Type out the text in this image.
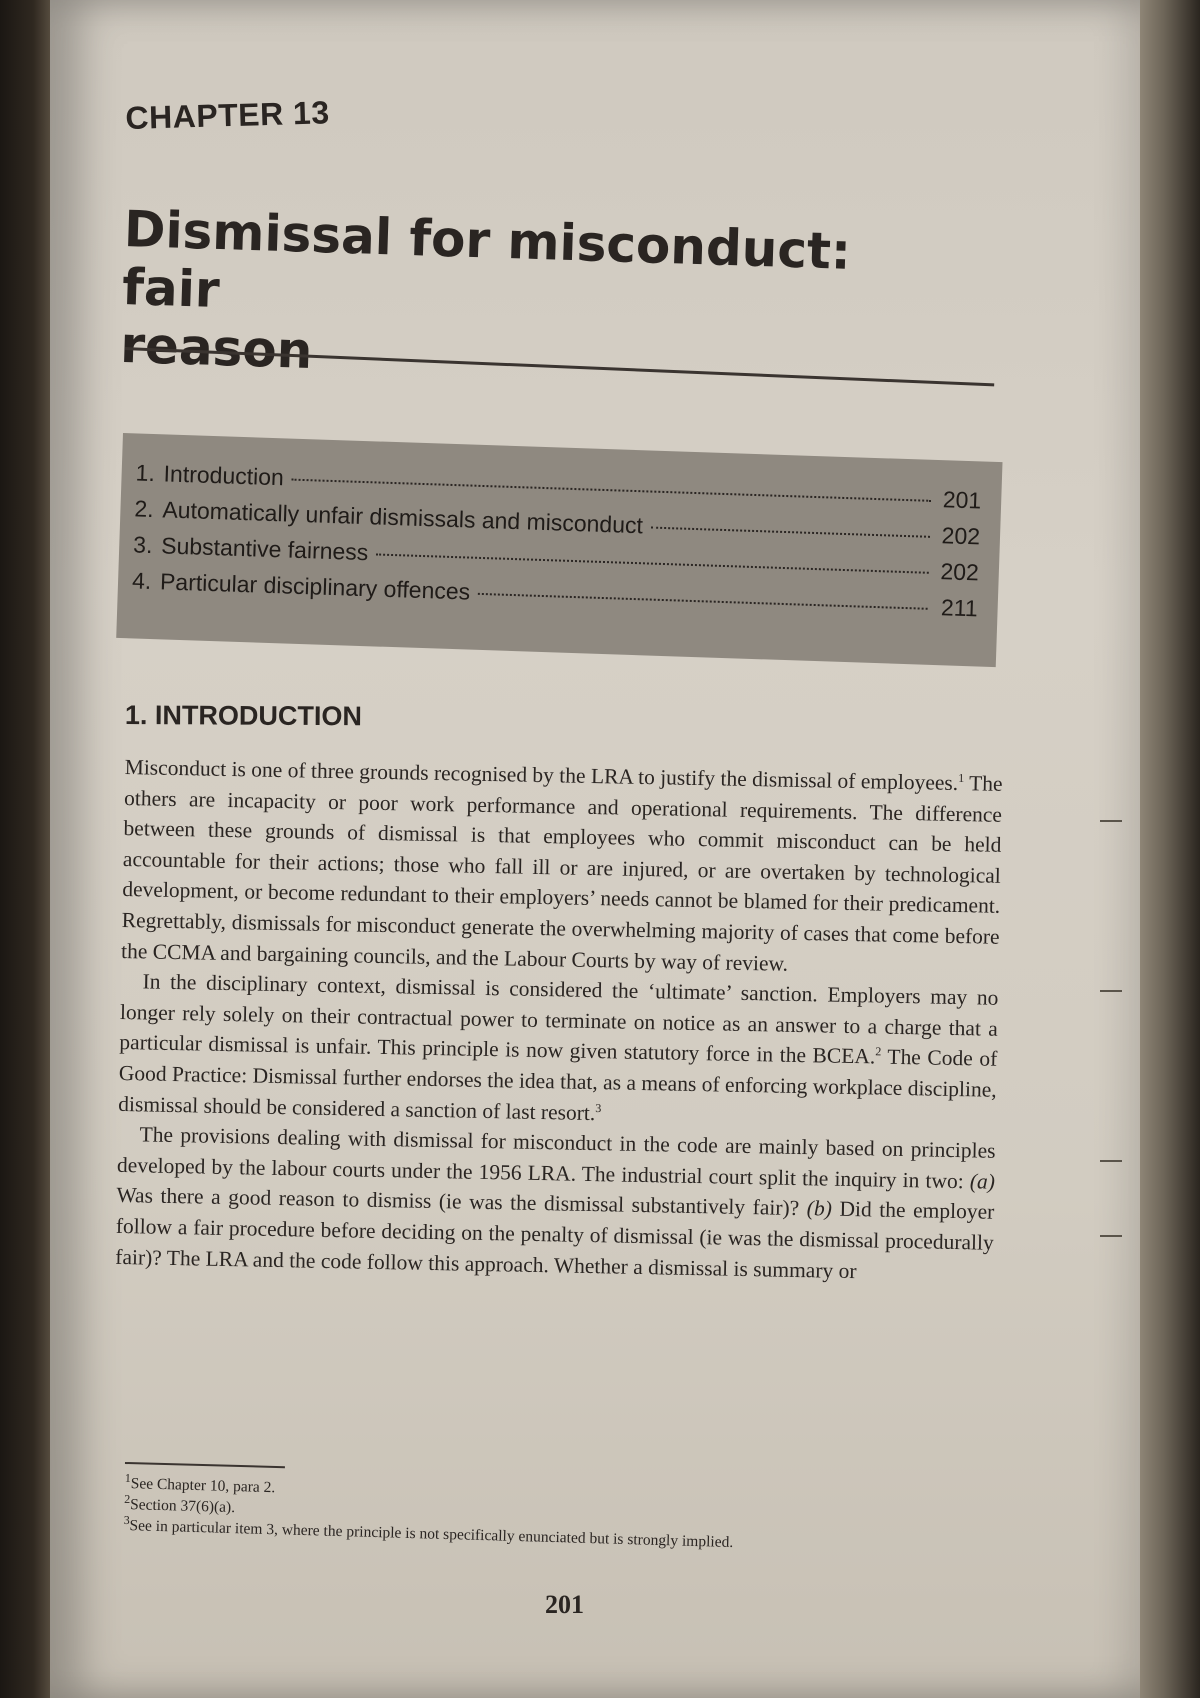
CHAPTER 13
Dismissal for misconduct: fair
reason
1. Introduction
201
2. Automatically unfair dismissals and misconduct	202
3. Substantive fairness
202
4. Particular disciplinary offences
211
1. INTRODUCTION

Misconduct is one of three grounds recognised by the LRA to justify the dismissal of employees.$^1$ The others are incapacity or poor work performance and operational requirements. The difference between these grounds of dismissal is that employees who commit misconduct can be held accountable for their actions; those who fall ill or are injured, or are overtaken by technological development, or become redundant to their employers’ needs cannot be blamed for their predicament. Regrettably, dismissals for misconduct generate the overwhelming majority of cases that come before the CCMA and bargaining councils, and the Labour Courts by way of review.

In the disciplinary context, dismissal is considered the ‘ultimate’ sanction. Employers may no longer rely solely on their contractual power to terminate on notice as an answer to a charge that a particular dismissal is unfair. This principle is now given statutory force in the BCEA.$^2$ The Code of Good Practice: Dismissal further endorses the idea that, as a means of enforcing workplace discipline, dismissal should be considered a sanction of last resort.$^3$

The provisions dealing with dismissal for misconduct in the code are mainly based on principles developed by the labour courts under the 1956 LRA. The industrial court split the inquiry in two: (a) Was there a good reason to dismiss (ie was the dismissal substantively fair)? (b) Did the employer follow a fair procedure before deciding on the penalty of dismissal (ie was the dismissal procedurally fair)? The LRA and the code follow this approach. Whether a dismissal is summary or

$^1$See Chapter 10, para 2.
$^2$Section 37(6)(a).
$^3$See in particular item 3, where the principle is not specifically enunciated but is strongly implied.
201
